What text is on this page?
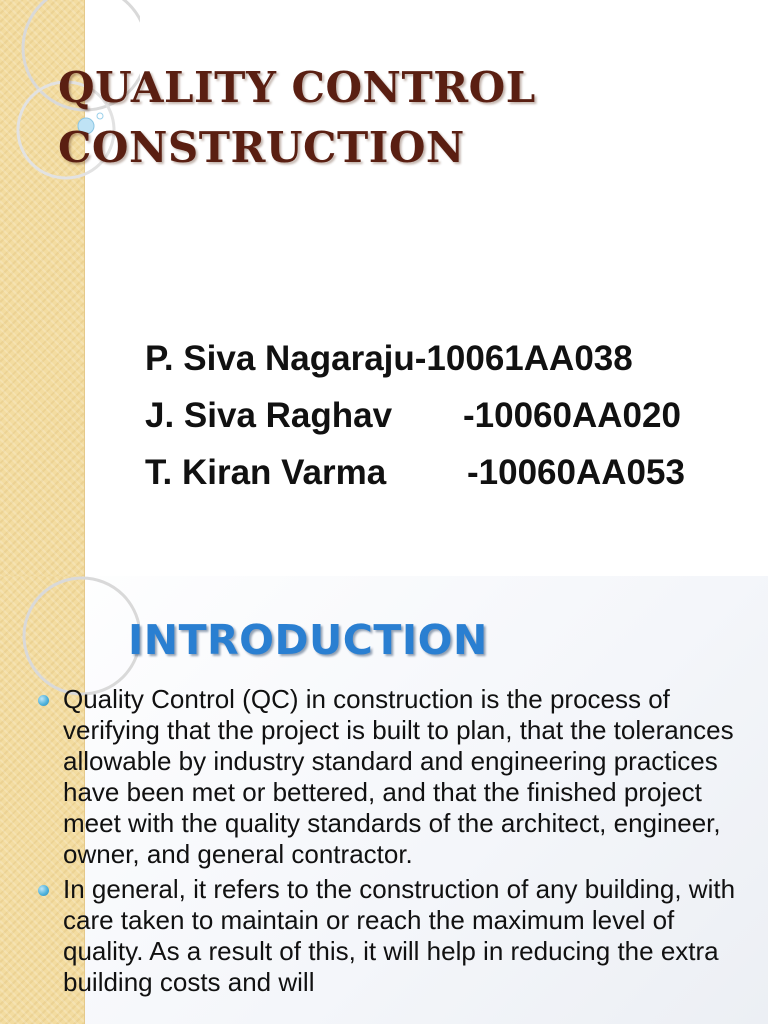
QUALITY CONTROL
CONSTRUCTION
P. Siva Nagaraju -10061AA038
J. Siva Raghav	-10060AA020
T. Kiran Varma	-10060AA053
INTRODUCTION
Quality Control (QC) in construction is the process of verifying that the project is built to plan, that the tolerances allowable by industry standard and engineering practices have been met or bettered, and that the finished project meet with the quality standards of the architect, engineer, owner, and general contractor.
In general, it refers to the construction of any building, with care taken to maintain or reach the maximum level of quality. As a result of this, it will help in reducing the extra building costs and will
